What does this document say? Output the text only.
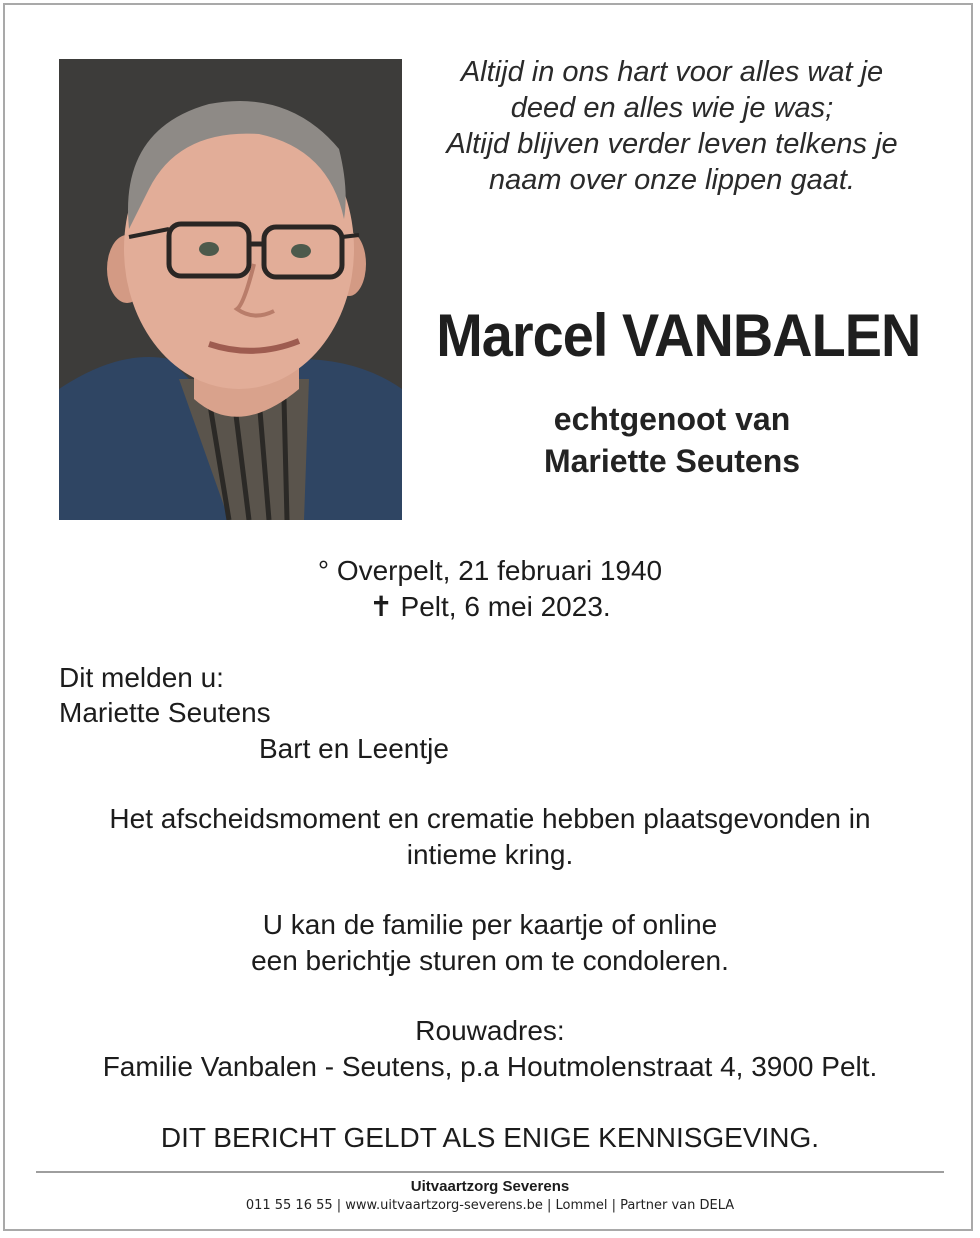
Altijd in ons hart voor alles wat je
deed en alles wie je was;
Altijd blijven verder leven telkens je
naam over onze lippen gaat.
Marcel VANBALEN
echtgenoot van
Mariette Seutens
° Overpelt, 21 februari 1940
✝ Pelt, 6 mei 2023.
Dit melden u:
Mariette Seutens
Bart en Leentje
Het afscheidsmoment en crematie hebben plaatsgevonden in
intieme kring.
U kan de familie per kaartje of online
een berichtje sturen om te condoleren.
Rouwadres:
Familie Vanbalen - Seutens, p.a Houtmolenstraat 4, 3900 Pelt.
DIT BERICHT GELDT ALS ENIGE KENNISGEVING.
Uitvaartzorg Severens
011 55 16 55 | www.uitvaartzorg-severens.be | Lommel | Partner van DELA
